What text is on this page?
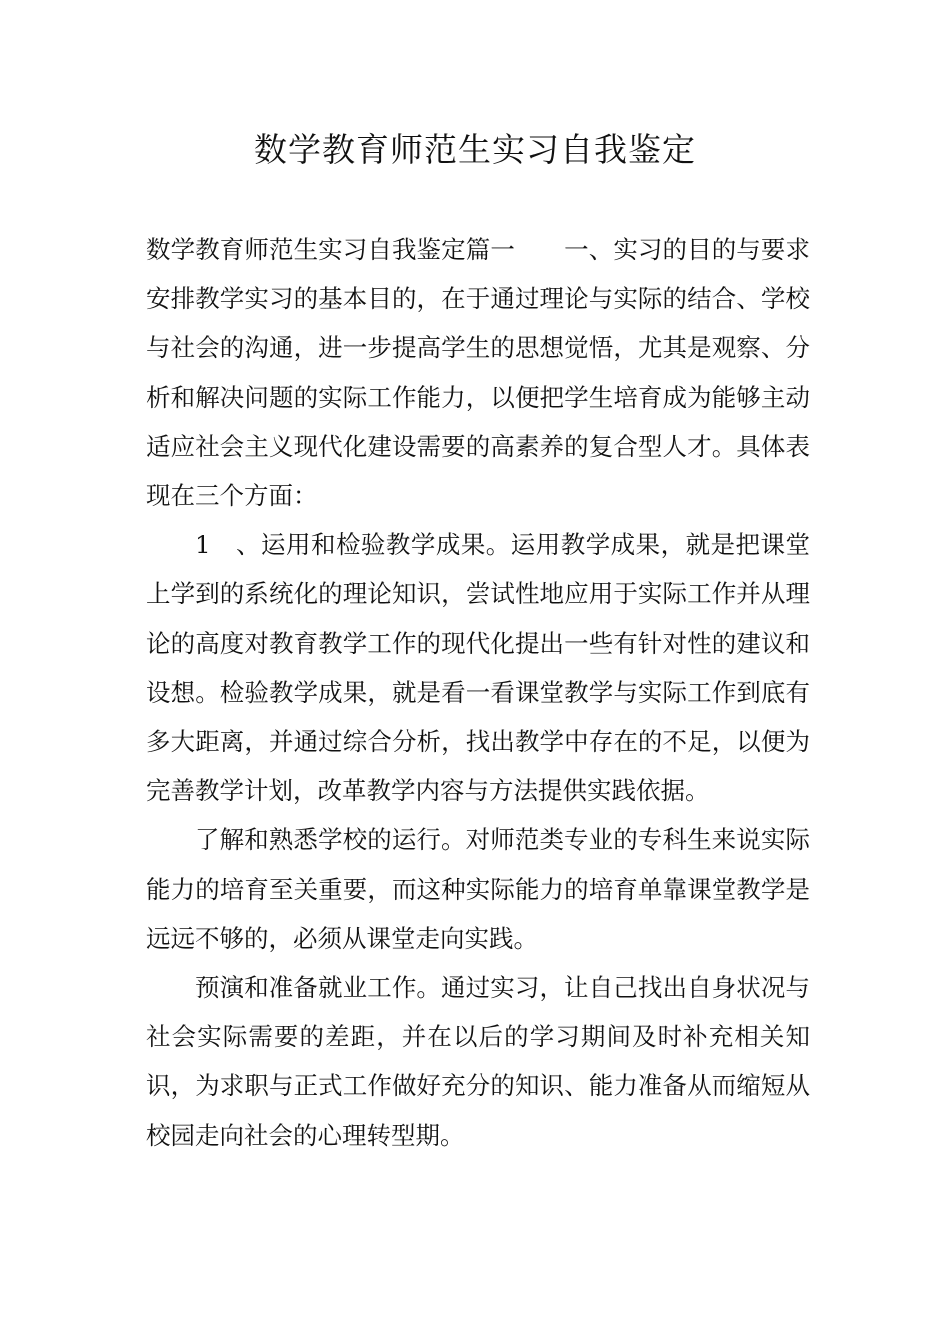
数学教育师范生实习自我鉴定

数学教育师范生实习自我鉴定篇一　　一、实习的目的与要求安排教学实习的基本目的，在于通过理论与实际的结合、学校与社会的沟通，进一步提高学生的思想觉悟，尤其是观察、分析和解决问题的实际工作能力，以便把学生培育成为能够主动适应社会主义现代化建设需要的高素养的复合型人才。具体表现在三个方面：

1　、运用和检验教学成果。运用教学成果，就是把课堂上学到的系统化的理论知识，尝试性地应用于实际工作并从理论的高度对教育教学工作的现代化提出一些有针对性的建议和设想。检验教学成果，就是看一看课堂教学与实际工作到底有多大距离，并通过综合分析，找出教学中存在的不足，以便为完善教学计划，改革教学内容与方法提供实践依据。

了解和熟悉学校的运行。对师范类专业的专科生来说实际能力的培育至关重要，而这种实际能力的培育单靠课堂教学是远远不够的，必须从课堂走向实践。

预演和准备就业工作。通过实习，让自己找出自身状况与社会实际需要的差距，并在以后的学习期间及时补充相关知识，为求职与正式工作做好充分的知识、能力准备从而缩短从校园走向社会的心理转型期。
